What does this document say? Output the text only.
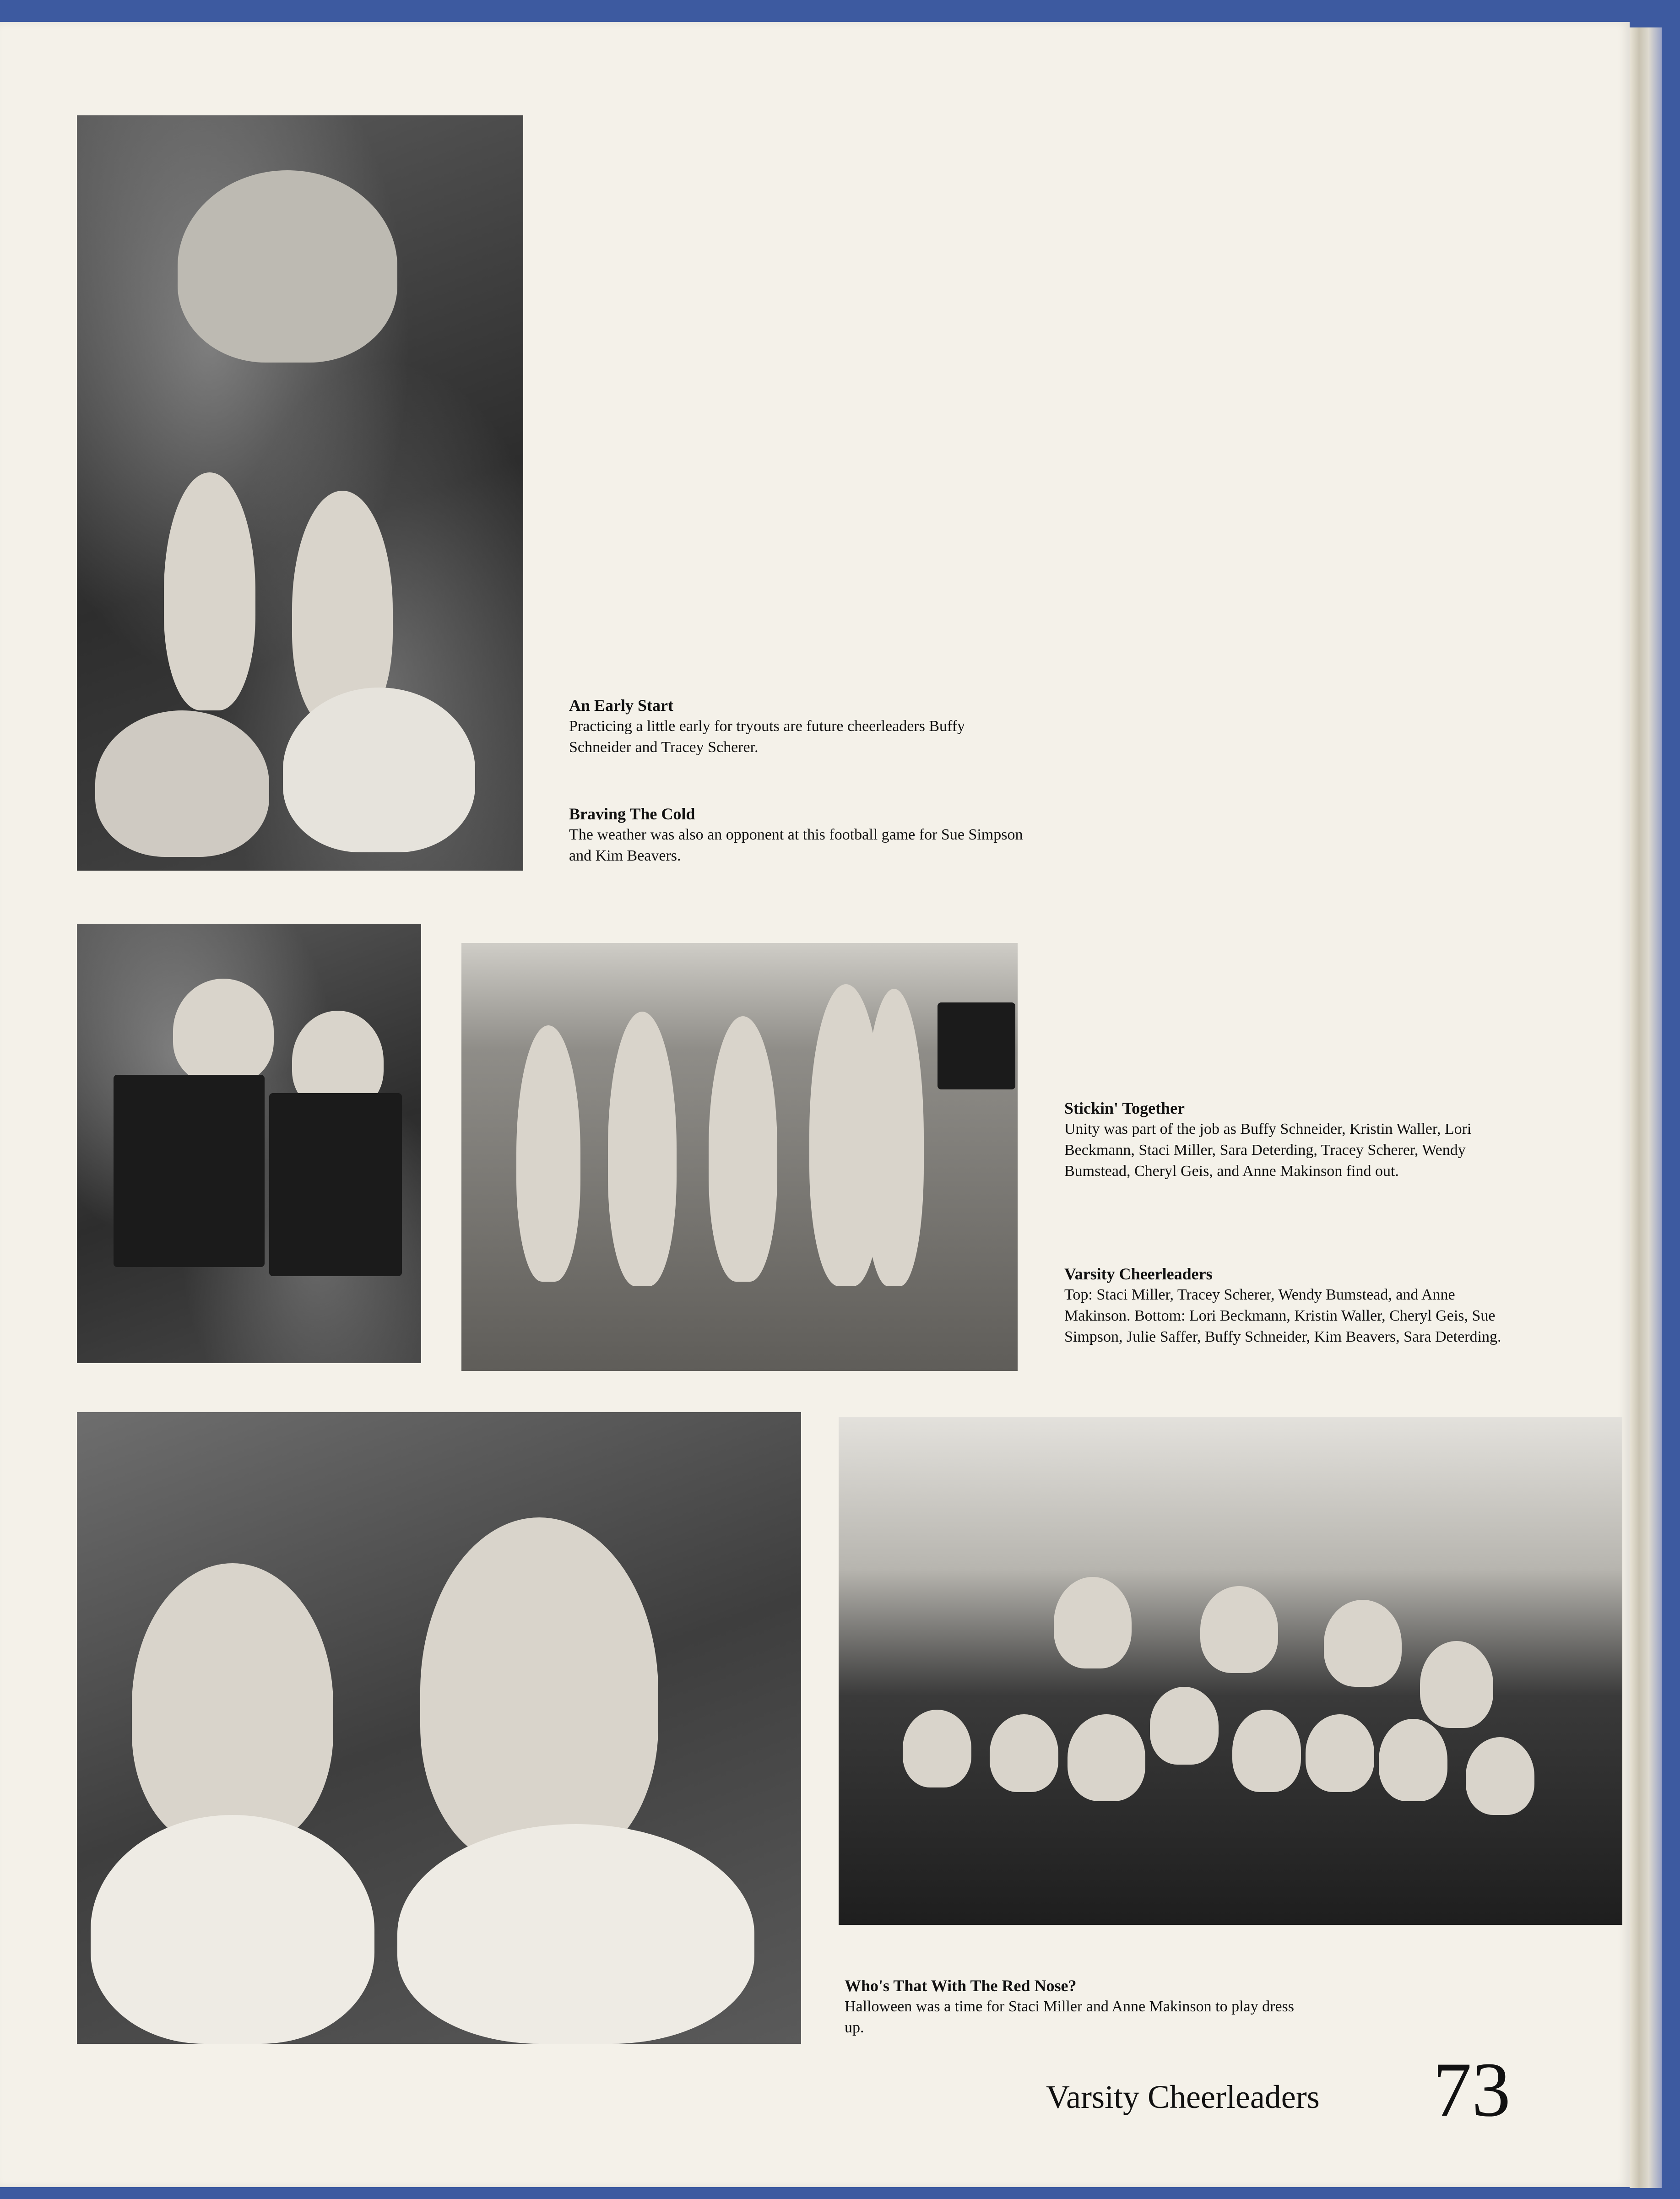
An Early Start
Practicing a little early for tryouts are future cheerleaders Buffy Schneider and Tracey Scherer.
Braving The Cold
The weather was also an opponent at this football game for Sue Simpson and Kim Beavers.
Stickin' Together
Unity was part of the job as Buffy Schneider, Kristin Waller, Lori Beckmann, Staci Miller, Sara Deterding, Tracey Scherer, Wendy Bumstead, Cheryl Geis, and Anne Makinson find out.
Varsity Cheerleaders
Top: Staci Miller, Tracey Scherer, Wendy Bumstead, and Anne Makinson. Bottom: Lori Beckmann, Kristin Waller, Cheryl Geis, Sue Simpson, Julie Saffer, Buffy Schneider, Kim Beavers, Sara Deterding.
Who's That With The Red Nose?
Halloween was a time for Staci Miller and Anne Makinson to play dress up.
Varsity Cheerleaders 73
